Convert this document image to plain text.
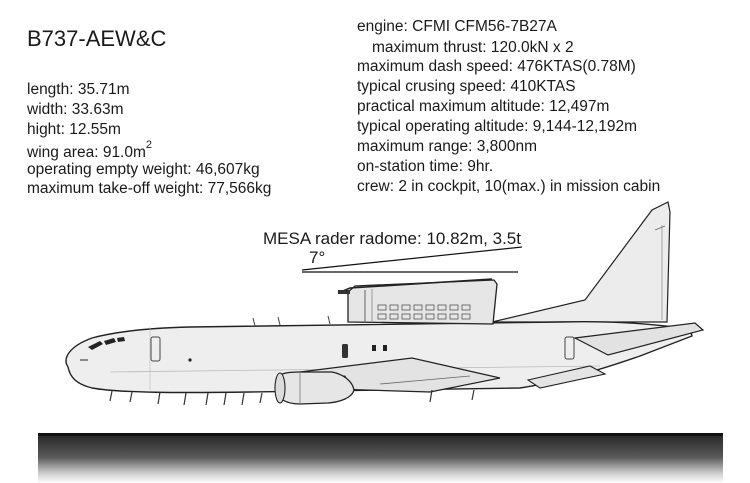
B737-AEW&C
length: 35.71m
width: 33.63m
hight: 12.55m
wing area: $91.0m^2$
operating empty weight: 46,607kg
maximum take-off weight: 77,566kg
engine: CFMI CFM56-7B27A
maximum thrust: 120.0kN x 2
maximum dash speed: 476KTAS(0.78M)
typical crusing speed: 410KTAS
practical maximum altitude: 12,497m
typical operating altitude: 9,144-12,192m
maximum range: 3,800nm
on-station time: 9hr.
crew: 2 in cockpit, 10(max.) in mission cabin
MESA rader radome: 10.82m, 3.5t
7°
